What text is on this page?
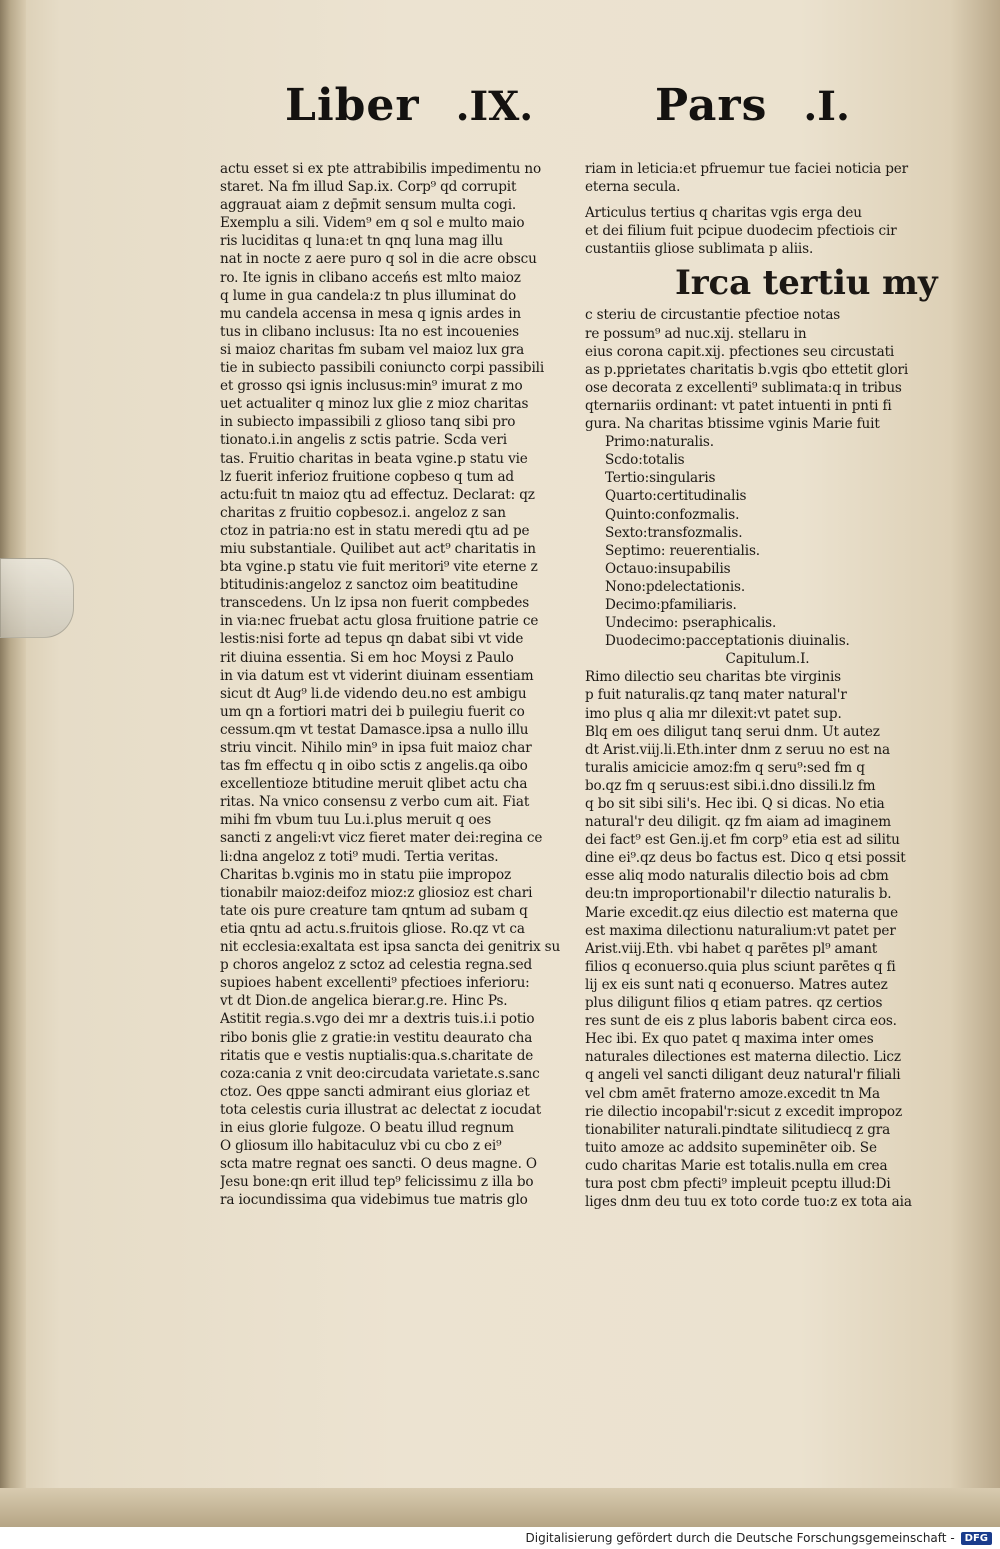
Liber .IX.	Pars .I.
actu esset si ex pte attrabibilis impedimentu no
staret. Na fm illud Sap.ix. Corp⁹ qd corrupit
aggrauat aiam z dep̄mit sensum multa cogi.
Exemplu a sili. Videm⁹ em q sol e multo maio
ris luciditas q luna:et tn qnq luna mag illu
nat in nocte z aere puro q sol in die acre obscu
ro. Ite ignis in clibano acceńs est mlto maioz
q lume in gua candela:z tn plus illuminat do
mu candela accensa in mesa q ignis ardes in
tus in clibano inclusus: Ita no est incouenies
si maioz charitas fm subam vel maioz lux gra
tie in subiecto passibili coniuncto corpi passibili
et grosso qsi ignis inclusus:min⁹ imurat z mo
uet actualiter q minoz lux glie z mioz charitas
in subiecto impassibili z glioso tanq sibi pro
tionato.i.in angelis z sctis patrie. Scda veri
tas. Fruitio charitas in beata vgine.p statu vie
lz fuerit inferioz fruitione copbeso q tum ad
actu:fuit tn maioz qtu ad effectuz. Declarat: qz
charitas z fruitio copbesoz.i. angeloz z san
ctoz in patria:no est in statu meredi qtu ad pe
miu substantiale. Quilibet aut act⁹ charitatis in
bta vgine.p statu vie fuit meritori⁹ vite eterne z
btitudinis:angeloz z sanctoz oim beatitudine
transcedens. Un lz ipsa non fuerit compbedes
in via:nec fruebat actu glosa fruitione patrie ce
lestis:nisi forte ad tepus qn dabat sibi vt vide
rit diuina essentia. Si em hoc Moysi z Paulo
in via datum est vt viderint diuinam essentiam
sicut dt Aug⁹ li.de videndo deu.no est ambigu
um qn a fortiori matri dei b puilegiu fuerit co
cessum.qm vt testat Damasce.ipsa a nullo illu
striu vincit. Nihilo min⁹ in ipsa fuit maioz char
tas fm effectu q in oibo sctis z angelis.qa oibo
excellentioze btitudine meruit qlibet actu cha
ritas. Na vnico consensu z verbo cum ait. Fiat
mihi fm vbum tuu Lu.i.plus meruit q oes
sancti z angeli:vt vicz fieret mater dei:regina ce
li:dna angeloz z toti⁹ mudi. Tertia veritas.
Charitas b.vginis mo in statu piie impropoz
tionabilr maioz:deifoz mioz:z gliosioz est chari
tate ois pure creature tam qntum ad subam q
etia qntu ad actu.s.fruitois gliose. Ro.qz vt ca
nit ecclesia:exaltata est ipsa sancta dei genitrix su
p choros angeloz z sctoz ad celestia regna.sed
supioes habent excellenti⁹ pfectioes inferioru:
vt dt Dion.de angelica bierar.g.re. Hinc Ps.
Astitit regia.s.vgo dei mr a dextris tuis.i.i potio
ribo bonis glie z gratie:in vestitu deaurato cha
ritatis que e vestis nuptialis:qua.s.charitate de
coza:cania z vnit deo:circudata varietate.s.sanc
ctoz. Oes qppe sancti admirant eius gloriaz et
tota celestis curia illustrat ac delectat z iocudat
in eius glorie fulgoze. O beatu illud regnum
O gliosum illo habitaculuz vbi cu cbo z ei⁹
scta matre regnat oes sancti. O deus magne. O
Jesu bone:qn erit illud tep⁹ felicissimu z illa bo
ra iocundissima qua videbimus tue matris glo
riam in leticia:et pfruemur tue faciei noticia per
eterna secula.
Articulus tertius q charitas vgis erga deu
et dei filium fuit pcipue duodecim pfectiois cir
custantiis gliose sublimata p aliis.
Irca tertiu my
c steriu de circustantie pfectioe notas
re possum⁹ ad nuc.xij. stellaru in
eius corona capit.xij. pfectiones seu circustati
as p.pprietates charitatis b.vgis qbo ettetit glori
ose decorata z excellenti⁹ sublimata:q in tribus
qternariis ordinant: vt patet intuenti in pnti fi
gura. Na charitas btissime vginis Marie fuit
Primo:naturalis.
Scdo:totalis
Tertio:singularis
Quarto:certitudinalis
Quinto:confozmalis.
Sexto:transfozmalis.
Septimo: reuerentialis.
Octauo:insupabilis
Nono:pdelectationis.
Decimo:pfamiliaris.
Undecimo: pseraphicalis.
Duodecimo:pacceptationis diuinalis.
Capitulum.I.
Rimo dilectio seu charitas bte virginis
p fuit naturalis.qz tanq mater natural'r
imo plus q alia mr dilexit:vt patet sup.
Blq em oes diligut tanq serui dnm. Ut autez
dt Arist.viij.li.Eth.inter dnm z seruu no est na
turalis amicicie amoz:fm q seru⁹:sed fm q
bo.qz fm q seruus:est sibi.i.dno dissili.lz fm
q bo sit sibi sili's. Hec ibi. Q si dicas. No etia
natural'r deu diligit. qz fm aiam ad imaginem
dei fact⁹ est Gen.ij.et fm corp⁹ etia est ad silitu
dine ei⁹.qz deus bo factus est. Dico q etsi possit
esse aliq modo naturalis dilectio bois ad cbm
deu:tn improportionabil'r dilectio naturalis b.
Marie excedit.qz eius dilectio est materna que
est maxima dilectionu naturalium:vt patet per
Arist.viij.Eth. vbi habet q parētes pl⁹ amant
filios q econuerso.quia plus sciunt parētes q fi
lij ex eis sunt nati q econuerso. Matres autez
plus diligunt filios q etiam patres. qz certios
res sunt de eis z plus laboris babent circa eos.
Hec ibi. Ex quo patet q maxima inter omes
naturales dilectiones est materna dilectio. Licz
q angeli vel sancti diligant deuz natural'r filiali
vel cbm amēt fraterno amoze.excedit tn Ma
rie dilectio incopabil'r:sicut z excedit impropoz
tionabiliter naturali.pindtate silitudiecq z gra
tuito amoze ac addsito supeminēter oib. Se
cudo charitas Marie est totalis.nulla em crea
tura post cbm pfecti⁹ impleuit pceptu illud:Di
liges dnm deu tuu ex toto corde tuo:z ex tota aia
Digitalisierung gefördert durch die Deutsche Forschungsgemeinschaft -	DFG
